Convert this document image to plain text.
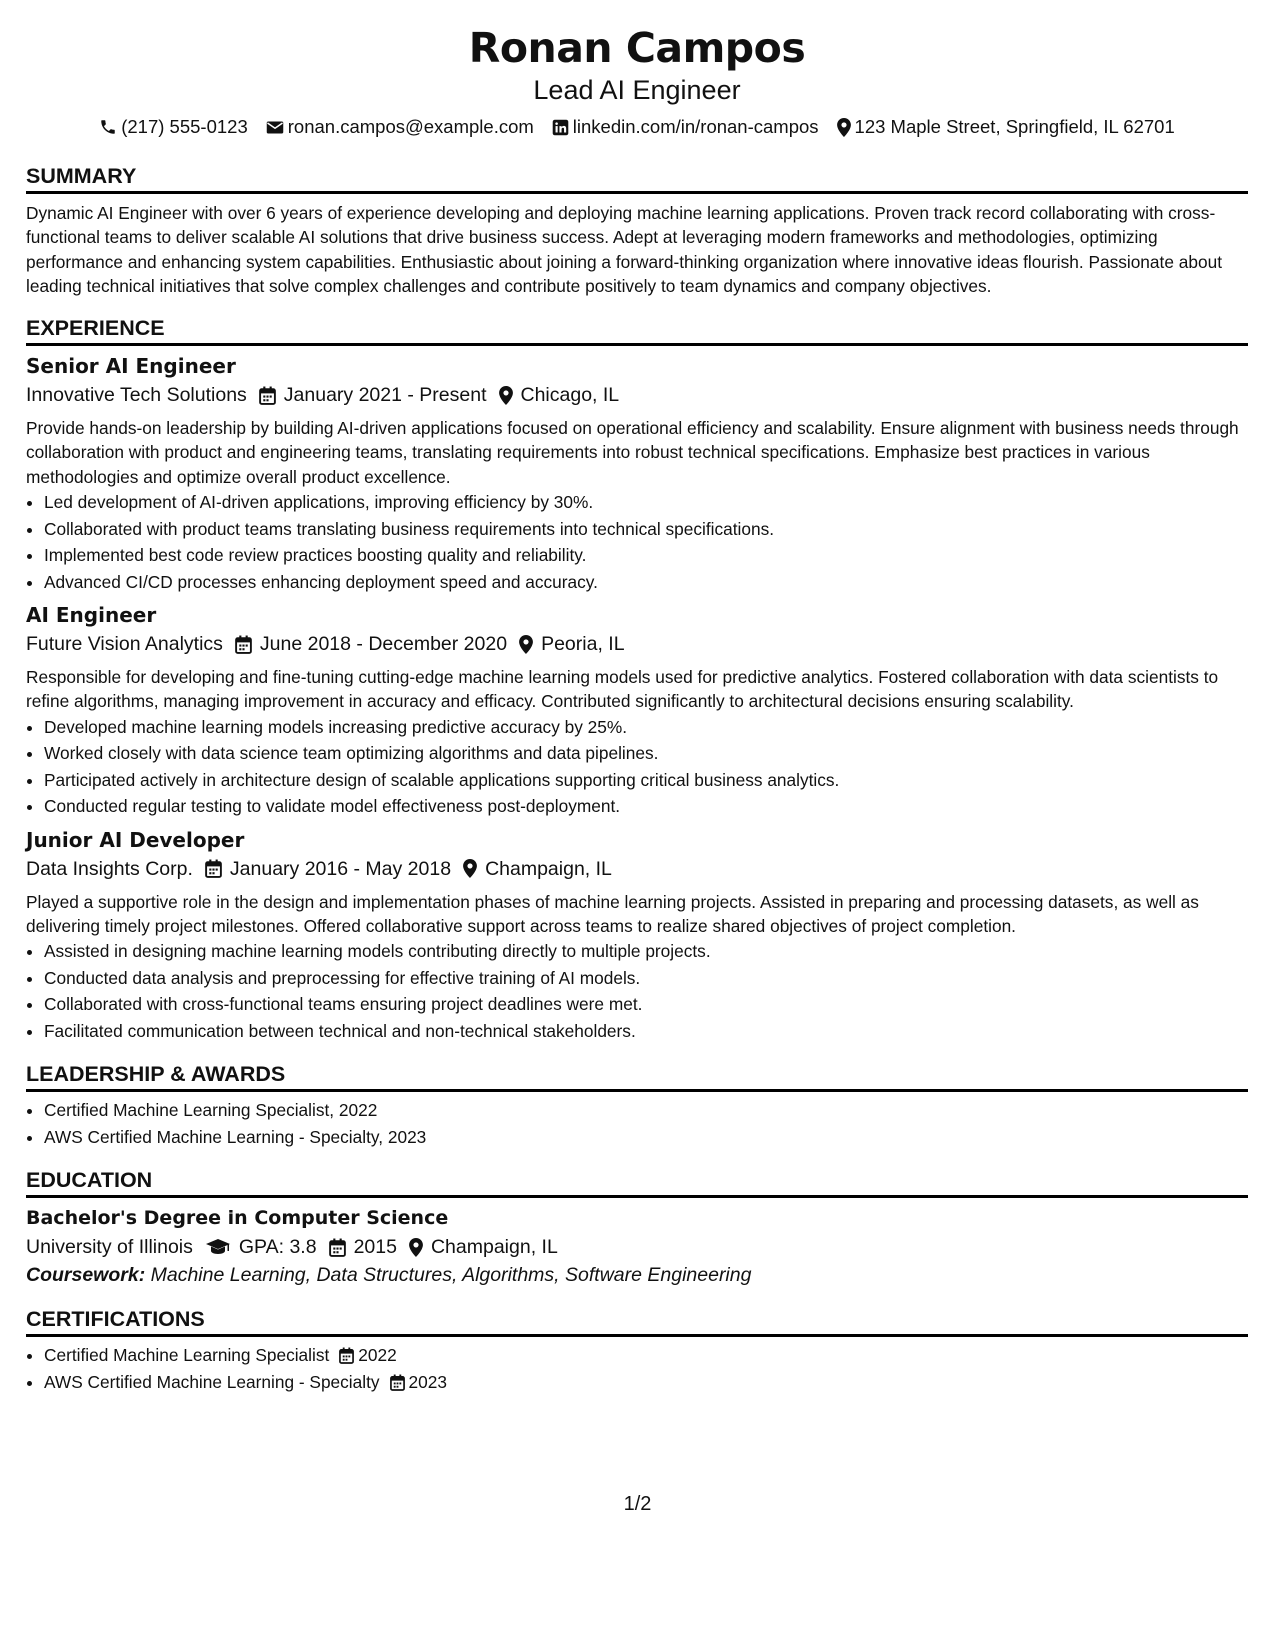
Ronan Campos
Lead AI Engineer
(217) 555-0123 ronan.campos@example.com linkedin.com/in/ronan-campos 123 Maple Street, Springfield, IL 62701
SUMMARY
Dynamic AI Engineer with over 6 years of experience developing and deploying machine learning applications. Proven track record collaborating with cross-functional teams to deliver scalable AI solutions that drive business success. Adept at leveraging modern frameworks and methodologies, optimizing performance and enhancing system capabilities. Enthusiastic about joining a forward-thinking organization where innovative ideas flourish. Passionate about leading technical initiatives that solve complex challenges and contribute positively to team dynamics and company objectives.
EXPERIENCE
Senior AI Engineer
Innovative Tech Solutions January 2021 - Present Chicago, IL
Provide hands-on leadership by building AI-driven applications focused on operational efficiency and scalability. Ensure alignment with business needs through collaboration with product and engineering teams, translating requirements into robust technical specifications. Emphasize best practices in various methodologies and optimize overall product excellence.
• Led development of AI-driven applications, improving efficiency by 30%.
• Collaborated with product teams translating business requirements into technical specifications.
• Implemented best code review practices boosting quality and reliability.
• Advanced CI/CD processes enhancing deployment speed and accuracy.
AI Engineer
Future Vision Analytics June 2018 - December 2020 Peoria, IL
Responsible for developing and fine-tuning cutting-edge machine learning models used for predictive analytics. Fostered collaboration with data scientists to refine algorithms, managing improvement in accuracy and efficacy. Contributed significantly to architectural decisions ensuring scalability.
• Developed machine learning models increasing predictive accuracy by 25%.
• Worked closely with data science team optimizing algorithms and data pipelines.
• Participated actively in architecture design of scalable applications supporting critical business analytics.
• Conducted regular testing to validate model effectiveness post-deployment.
Junior AI Developer
Data Insights Corp. January 2016 - May 2018 Champaign, IL
Played a supportive role in the design and implementation phases of machine learning projects. Assisted in preparing and processing datasets, as well as delivering timely project milestones. Offered collaborative support across teams to realize shared objectives of project completion.
• Assisted in designing machine learning models contributing directly to multiple projects.
• Conducted data analysis and preprocessing for effective training of AI models.
• Collaborated with cross-functional teams ensuring project deadlines were met.
• Facilitated communication between technical and non-technical stakeholders.
LEADERSHIP & AWARDS
• Certified Machine Learning Specialist, 2022
• AWS Certified Machine Learning - Specialty, 2023
EDUCATION
Bachelor's Degree in Computer Science
University of Illinois GPA: 3.8 2015 Champaign, IL
Coursework: Machine Learning, Data Structures, Algorithms, Software Engineering
CERTIFICATIONS
• Certified Machine Learning Specialist 2022
• AWS Certified Machine Learning - Specialty 2023
1/2
